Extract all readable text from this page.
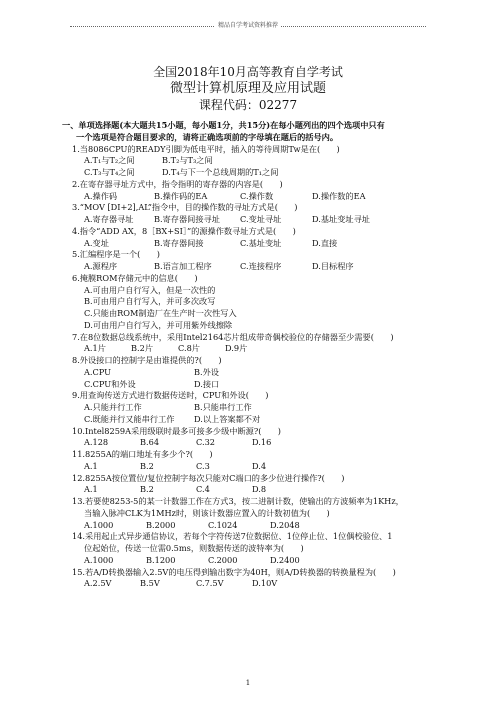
精品自学考试资料推荐
全国2018年10月高等教育自学考试
微型计算机原理及应用试题
课程代码：02277
一、单项选择题(本大题共15小题，每小题1分，共15分)在每小题列出的四个选项中只有
一个选项是符合题目要求的，请将正确选项前的字母填在题后的括号内。
1.当8086CPU的READY引脚为低电平时，插入的等待周期Tw是在(　　)
A.T₁与T₂之间	B.T₂与T₃之间
C.T₃与T₄之间	D.T₄与下一个总线周期的T₁之间
2.在寄存器寻址方式中，指令指明的寄存器的内容是(　　)
A.操作码	B.操作码的EA	C.操作数	D.操作数的EA
3.“MOV [DI+2],AL”指令中，目的操作数的寻址方式是(　　)
A.寄存器寻址	B.寄存器间接寻址	C.变址寻址	D.基址变址寻址
4.指令“ADD AX，8［BX+SI］”的源操作数寻址方式是(　　)
A.变址	B.寄存器间接	C.基址变址	D.直接
5.汇编程序是一个(　　)
A.源程序	B.语言加工程序	C.连接程序	D.目标程序
6.掩膜ROM存储元中的信息(　　)
A.可由用户自行写入，但是一次性的
B.可由用户自行写入，并可多次改写
C.只能由ROM制造厂在生产时一次性写入
D.可由用户自行写入，并可用紫外线擦除
7.在8位数据总线系统中，采用Intel2164芯片组成带奇偶校验位的存储器至少需要(　　)
A.1片	B.2片	C.8片	D.9片
8.外设接口的控制字是由谁提供的?(　　)
A.CPU	B.外设
C.CPU和外设	D.接口
9.用查询传送方式进行数据传送时，CPU和外设(　　)
A.只能并行工作	B.只能串行工作
C.既能并行又能串行工作	D.以上答案都不对
10.Intel8259A采用级联时最多可接多少级中断源?(　　)
A.128	B.64	C.32	D.16
11.8255A的端口地址有多少个?(　　)
A.1	B.2	C.3	D.4
12.8255A按位置位/复位控制字每次只能对C端口的多少位进行操作?(　　)
A.1	B.2	C.4	D.8
13.若要使8253-5的某一计数器工作在方式3，按二进制计数，使输出的方波频率为1KHz，
当输入脉冲CLK为1MHz时，则该计数器应置入的计数初值为(　　)
A.1000	B.2000	C.1024	D.2048
14.采用起止式异步通信协议，若每个字符传送7位数据位、1位停止位、1位偶校验位、1
位起始位，传送一位需0.5ms，则数据传送的波特率为(　　)
A.1000	B.1200	C.2000	D.2400
15.若A/D转换器输入2.5V的电压得到输出数字为40H，则A/D转换器的转换量程为(　　)
A.2.5V	B.5V	C.7.5V	D.10V
1
